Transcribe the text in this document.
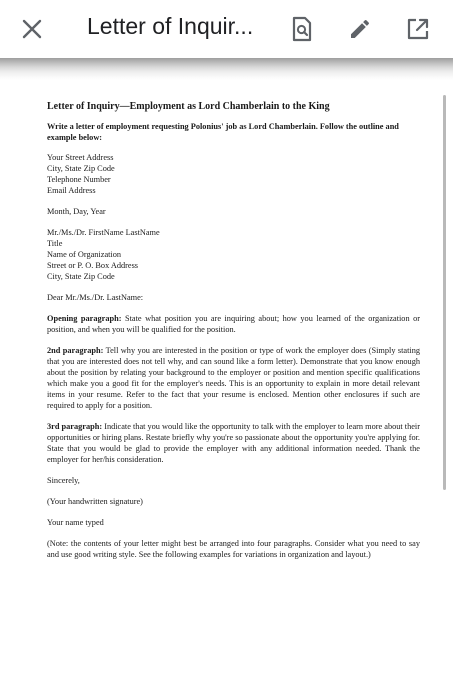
Letter of Inquir...

Letter of Inquiry—Employment as Lord Chamberlain to the King

Write a letter of employment requesting Polonius' job as Lord Chamberlain. Follow the outline and example below:

Your Street Address

City, State Zip Code

Telephone Number

Email Address

Month, Day, Year

Mr./Ms./Dr. FirstName LastName

Title

Name of Organization

Street or P. O. Box Address

City, State Zip Code

Dear Mr./Ms./Dr. LastName:

Opening paragraph: State what position you are inquiring about; how you learned of the organization or position, and when you will be qualified for the position.

2nd paragraph: Tell why you are interested in the position or type of work the employer does (Simply stating that you are interested does not tell why, and can sound like a form letter). Demonstrate that you know enough about the position by relating your background to the employer or position and mention specific qualifications which make you a good fit for the employer's needs. This is an opportunity to explain in more detail relevant items in your resume. Refer to the fact that your resume is enclosed. Mention other enclosures if such are required to apply for a position.

3rd paragraph: Indicate that you would like the opportunity to talk with the employer to learn more about their opportunities or hiring plans. Restate briefly why you're so passionate about the opportunity you're applying for. State that you would be glad to provide the employer with any additional information needed. Thank the employer for her/his consideration.

Sincerely,

(Your handwritten signature)

Your name typed

(Note: the contents of your letter might best be arranged into four paragraphs. Consider what you need to say and use good writing style. See the following examples for variations in organization and layout.)
